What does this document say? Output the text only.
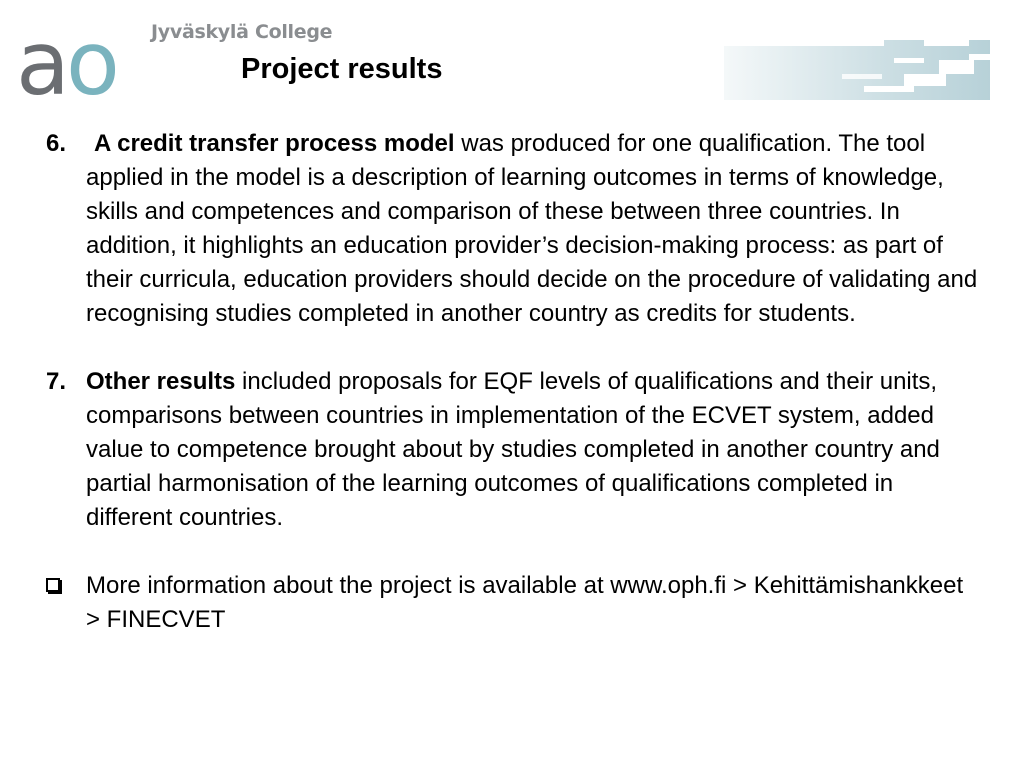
ao Jyväskylä College
Project results
6. A credit transfer process model was produced for one qualification. The tool applied in the model is a description of learning outcomes in terms of knowledge, skills and competences and comparison of these between three countries. In addition, it highlights an education provider’s decision-making process: as part of their curricula, education providers should decide on the procedure of validating and recognising studies completed in another country as credits for students.
7. Other results included proposals for EQF levels of qualifications and their units, comparisons between countries in implementation of the ECVET system, added value to competence brought about by studies completed in another country and partial harmonisation of the learning outcomes of qualifications completed in different countries.
More information about the project is available at www.oph.fi > Kehittämishankkeet > FINECVET
